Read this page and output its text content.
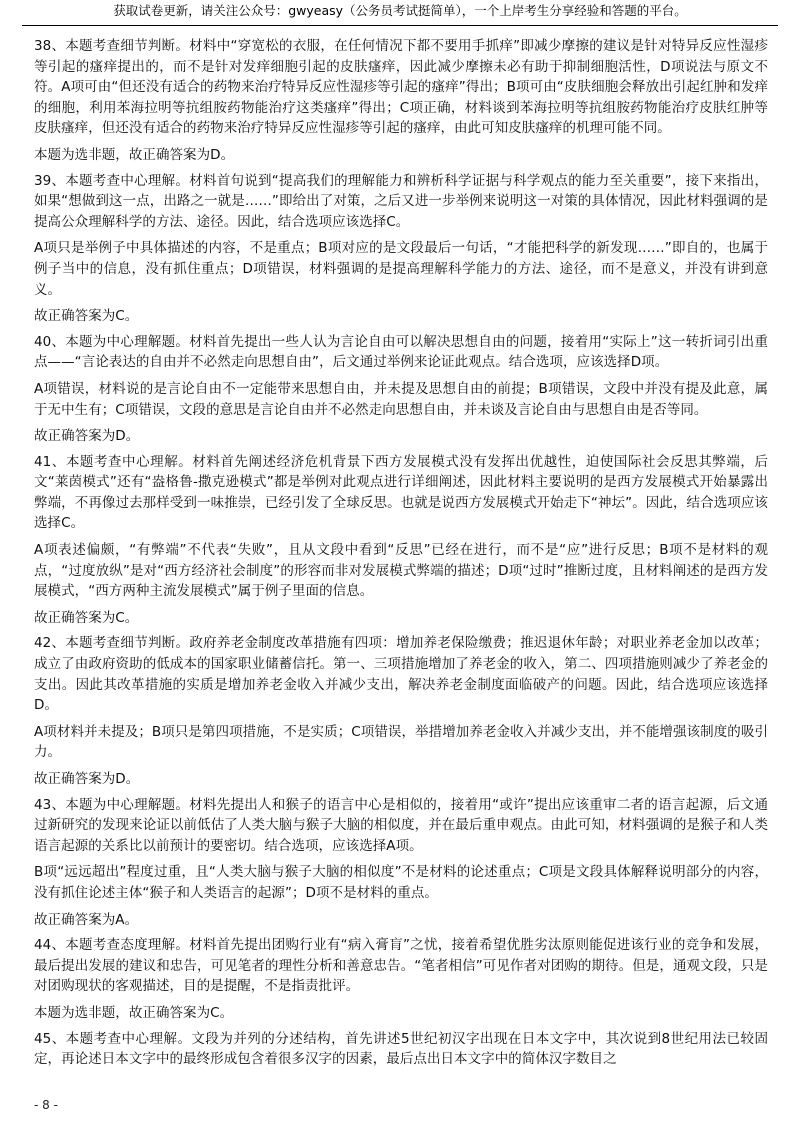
获取试卷更新，请关注公众号：gwyeasy（公务员考试挺简单），一个上岸考生分享经验和答题的平台。

38、本题考查细节判断。材料中“穿宽松的衣服，在任何情况下都不要用手抓痒”即减少摩擦的建议是针对特异反应性湿疹等引起的瘙痒提出的，而不是针对发痒细胞引起的皮肤瘙痒，因此减少摩擦未必有助于抑制细胞活性，D项说法与原文不符。A项可由“但还没有适合的药物来治疗特异反应性湿疹等引起的瘙痒”得出；B项可由“皮肤细胞会释放出引起红肿和发痒的细胞，利用苯海拉明等抗组胺药物能治疗这类瘙痒”得出；C项正确，材料谈到苯海拉明等抗组胺药物能治疗皮肤红肿等皮肤瘙痒，但还没有适合的药物来治疗特异反应性湿疹等引起的瘙痒，由此可知皮肤瘙痒的机理可能不同。

本题为选非题，故正确答案为D。

39、本题考查中心理解。材料首句说到“提高我们的理解能力和辨析科学证据与科学观点的能力至关重要”，接下来指出，如果“想做到这一点，出路之一就是……”即给出了对策，之后又进一步举例来说明这一对策的具体情况，因此材料强调的是提高公众理解科学的方法、途径。因此，结合选项应该选择C。

A项只是举例子中具体描述的内容，不是重点；B项对应的是文段最后一句话，“才能把科学的新发现……”即自的，也属于例子当中的信息，没有抓住重点；D项错误，材料强调的是提高理解科学能力的方法、途径，而不是意义，并没有讲到意义。

故正确答案为C。

40、本题为中心理解题。材料首先提出一些人认为言论自由可以解决思想自由的问题，接着用“实际上”这一转折词引出重点——“言论表达的自由并不必然走向思想自由”，后文通过举例来论证此观点。结合选项，应该选择D项。

A项错误，材料说的是言论自由不一定能带来思想自由，并未提及思想自由的前提；B项错误，文段中并没有提及此意，属于无中生有；C项错误，文段的意思是言论自由并不必然走向思想自由，并未谈及言论自由与思想自由是否等同。

故正确答案为D。

41、本题考查中心理解。材料首先阐述经济危机背景下西方发展模式没有发挥出优越性，迫使国际社会反思其弊端，后文“莱茵模式”还有“盎格鲁-撒克逊模式”都是举例对此观点进行详细阐述，因此材料主要说明的是西方发展模式开始暴露出弊端，不再像过去那样受到一味推崇，已经引发了全球反思。也就是说西方发展模式开始走下“神坛”。因此，结合选项应该选择C。

A项表述偏颇，“有弊端”不代表“失败”，且从文段中看到“反思”已经在进行，而不是“应”进行反思；B项不是材料的观点，“过度放纵”是对“西方经济社会制度”的形容而非对发展模式弊端的描述；D项“过时”推断过度，且材料阐述的是西方发展模式，“西方两种主流发展模式”属于例子里面的信息。

故正确答案为C。

42、本题考查细节判断。政府养老金制度改革措施有四项：增加养老保险缴费；推迟退休年龄；对职业养老金加以改革；成立了由政府资助的低成本的国家职业储蓄信托。第一、三项措施增加了养老金的收入，第二、四项措施则减少了养老金的支出。因此其改革措施的实质是增加养老金收入并减少支出，解决养老金制度面临破产的问题。因此，结合选项应该选择D。

A项材料并未提及；B项只是第四项措施，不是实质；C项错误，举措增加养老金收入并减少支出，并不能增强该制度的吸引力。

故正确答案为D。

43、本题为中心理解题。材料先提出人和猴子的语言中心是相似的，接着用“或许”提出应该重审二者的语言起源，后文通过新研究的发现来论证以前低估了人类大脑与猴子大脑的相似度，并在最后重申观点。由此可知，材料强调的是猴子和人类语言起源的关系比以前预计的要密切。结合选项，应该选择A项。

B项“远远超出”程度过重，且“人类大脑与猴子大脑的相似度”不是材料的论述重点；C项是文段具体解释说明部分的内容，没有抓住论述主体“猴子和人类语言的起源”；D项不是材料的重点。

故正确答案为A。

44、本题考查态度理解。材料首先提出团购行业有“病入膏肓”之忧，接着希望优胜劣汰原则能促进该行业的竞争和发展，最后提出发展的建议和忠告，可见笔者的理性分析和善意忠告。“笔者相信”可见作者对团购的期待。但是，通观文段，只是对团购现状的客观描述，目的是提醒，不是指责批评。

本题为选非题，故正确答案为C。

45、本题考查中心理解。文段为并列的分述结构，首先讲述5世纪初汉字出现在日本文字中，其次说到8世纪用法已较固定，再论述日本文字中的最终形成包含着很多汉字的因素，最后点出日本文字中的简体汉字数目之

- 8 -
